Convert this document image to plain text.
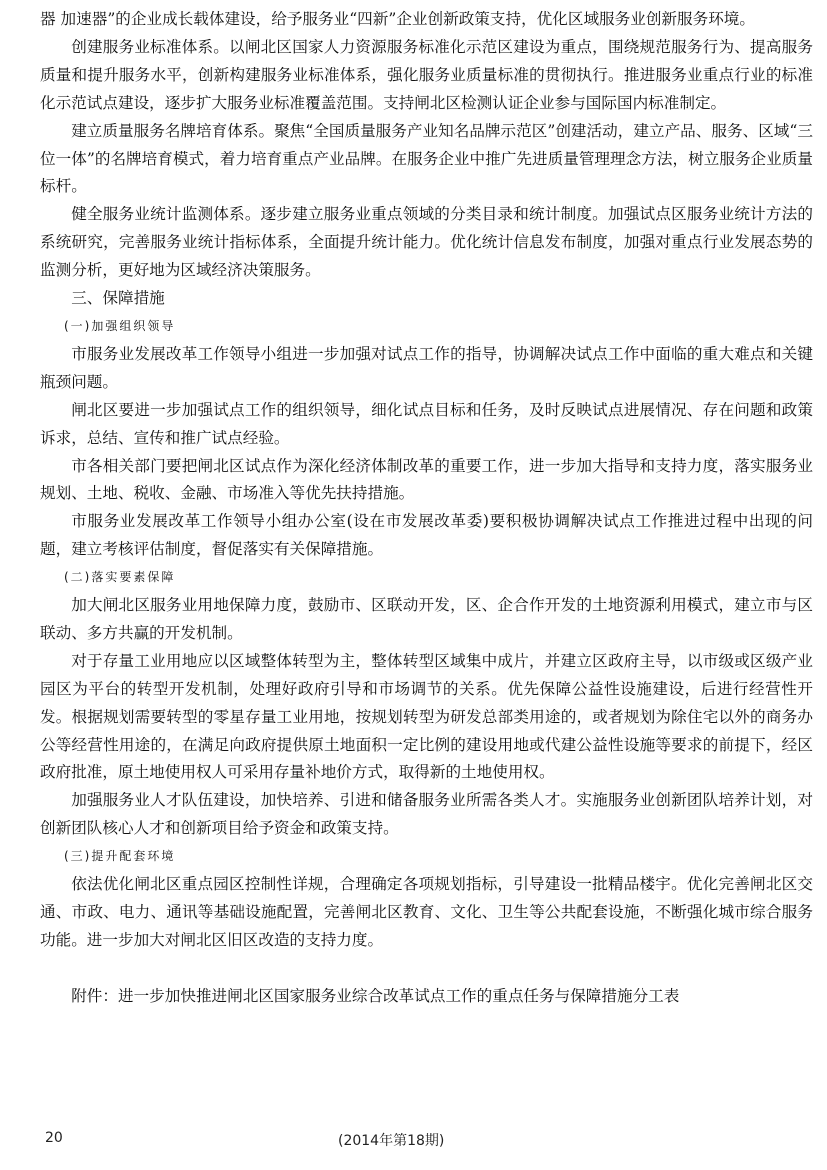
器 加速器”的企业成长载体建设，给予服务业“四新”企业创新政策支持，优化区域服务业创新服务环境。

创建服务业标准体系。以闸北区国家人力资源服务标准化示范区建设为重点，围绕规范服务行为、提高服务质量和提升服务水平，创新构建服务业标准体系，强化服务业质量标准的贯彻执行。推进服务业重点行业的标准化示范试点建设，逐步扩大服务业标准覆盖范围。支持闸北区检测认证企业参与国际国内标准制定。

建立质量服务名牌培育体系。聚焦“全国质量服务产业知名品牌示范区”创建活动，建立产品、服务、区域“三位一体”的名牌培育模式，着力培育重点产业品牌。在服务企业中推广先进质量管理理念方法，树立服务企业质量标杆。

健全服务业统计监测体系。逐步建立服务业重点领域的分类目录和统计制度。加强试点区服务业统计方法的系统研究，完善服务业统计指标体系，全面提升统计能力。优化统计信息发布制度，加强对重点行业发展态势的监测分析，更好地为区域经济决策服务。

三、保障措施

(一)加强组织领导

市服务业发展改革工作领导小组进一步加强对试点工作的指导，协调解决试点工作中面临的重大难点和关键瓶颈问题。

闸北区要进一步加强试点工作的组织领导，细化试点目标和任务，及时反映试点进展情况、存在问题和政策诉求，总结、宣传和推广试点经验。

市各相关部门要把闸北区试点作为深化经济体制改革的重要工作，进一步加大指导和支持力度，落实服务业规划、土地、税收、金融、市场准入等优先扶持措施。

市服务业发展改革工作领导小组办公室(设在市发展改革委)要积极协调解决试点工作推进过程中出现的问题，建立考核评估制度，督促落实有关保障措施。

(二)落实要素保障

加大闸北区服务业用地保障力度，鼓励市、区联动开发，区、企合作开发的土地资源利用模式，建立市与区联动、多方共赢的开发机制。

对于存量工业用地应以区域整体转型为主，整体转型区域集中成片，并建立区政府主导，以市级或区级产业园区为平台的转型开发机制，处理好政府引导和市场调节的关系。优先保障公益性设施建设，后进行经营性开发。根据规划需要转型的零星存量工业用地，按规划转型为研发总部类用途的，或者规划为除住宅以外的商务办公等经营性用途的，在满足向政府提供原土地面积一定比例的建设用地或代建公益性设施等要求的前提下，经区政府批准，原土地使用权人可采用存量补地价方式，取得新的土地使用权。

加强服务业人才队伍建设，加快培养、引进和储备服务业所需各类人才。实施服务业创新团队培养计划，对创新团队核心人才和创新项目给予资金和政策支持。

(三)提升配套环境

依法优化闸北区重点园区控制性详规，合理确定各项规划指标，引导建设一批精品楼宇。优化完善闸北区交通、市政、电力、通讯等基础设施配置，完善闸北区教育、文化、卫生等公共配套设施，不断强化城市综合服务功能。进一步加大对闸北区旧区改造的支持力度。

附件：进一步加快推进闸北区国家服务业综合改革试点工作的重点任务与保障措施分工表

20	(2014年第18期)
